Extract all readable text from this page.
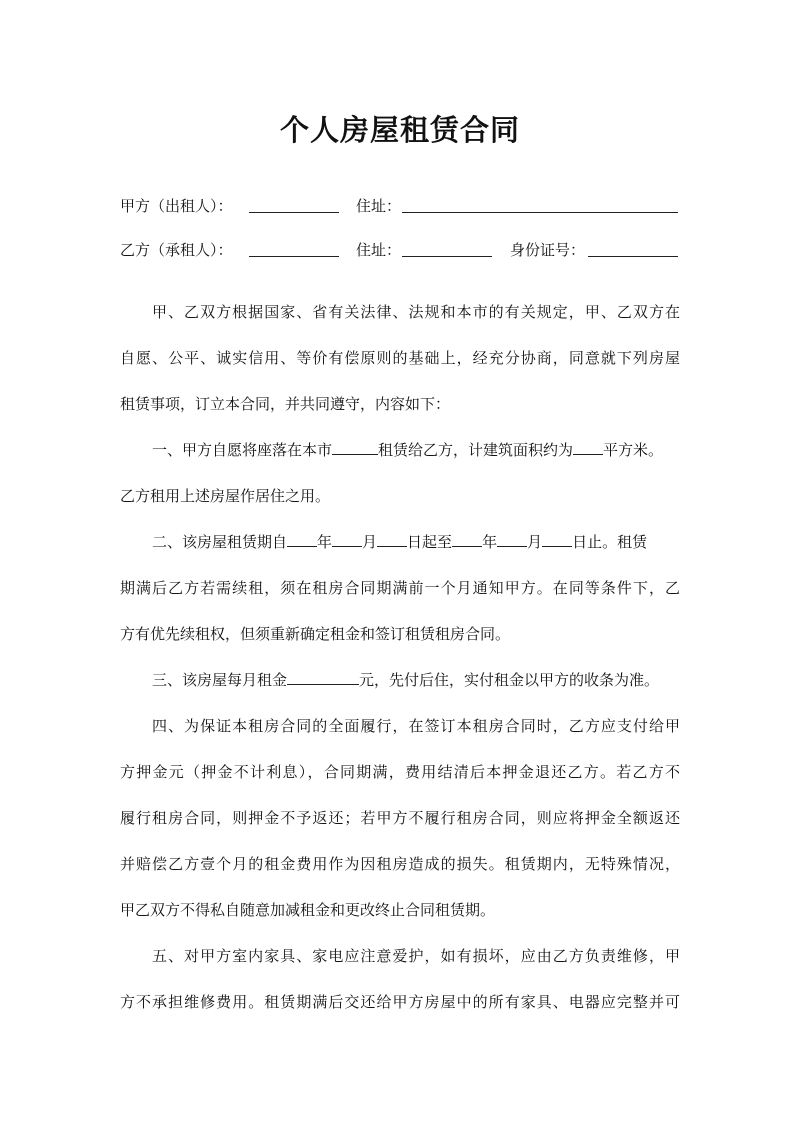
个人房屋租赁合同
甲方（出租人）：	住址：
乙方（承租人）：	住址：	身份证号：
甲、乙双方根据国家、省有关法律、法规和本市的有关规定，甲、乙双方在
自愿、公平、诚实信用、等价有偿原则的基础上，经充分协商，同意就下列房屋
租赁事项，订立本合同，并共同遵守，内容如下：
一、甲方自愿将座落在本市	租赁给乙方，计建筑面积约为 平方米。
乙方租用上述房屋作居住之用。
二、该房屋租赁期自 年 月 日起至 年 月 日止。租赁
期满后乙方若需续租，须在租房合同期满前一个月通知甲方。在同等条件下，乙
方有优先续租权，但须重新确定租金和签订租赁租房合同。
三、该房屋每月租金	元，先付后住，实付租金以甲方的收条为准。
四、为保证本租房合同的全面履行，在签订本租房合同时，乙方应支付给甲
方押金元（押金不计利息），合同期满，费用结清后本押金退还乙方。若乙方不
履行租房合同，则押金不予返还；若甲方不履行租房合同，则应将押金全额返还
并赔偿乙方壹个月的租金费用作为因租房造成的损失。租赁期内，无特殊情况，
甲乙双方不得私自随意加减租金和更改终止合同租赁期。
五、对甲方室内家具、家电应注意爱护，如有损坏，应由乙方负责维修，甲
方不承担维修费用。租赁期满后交还给甲方房屋中的所有家具、电器应完整并可
